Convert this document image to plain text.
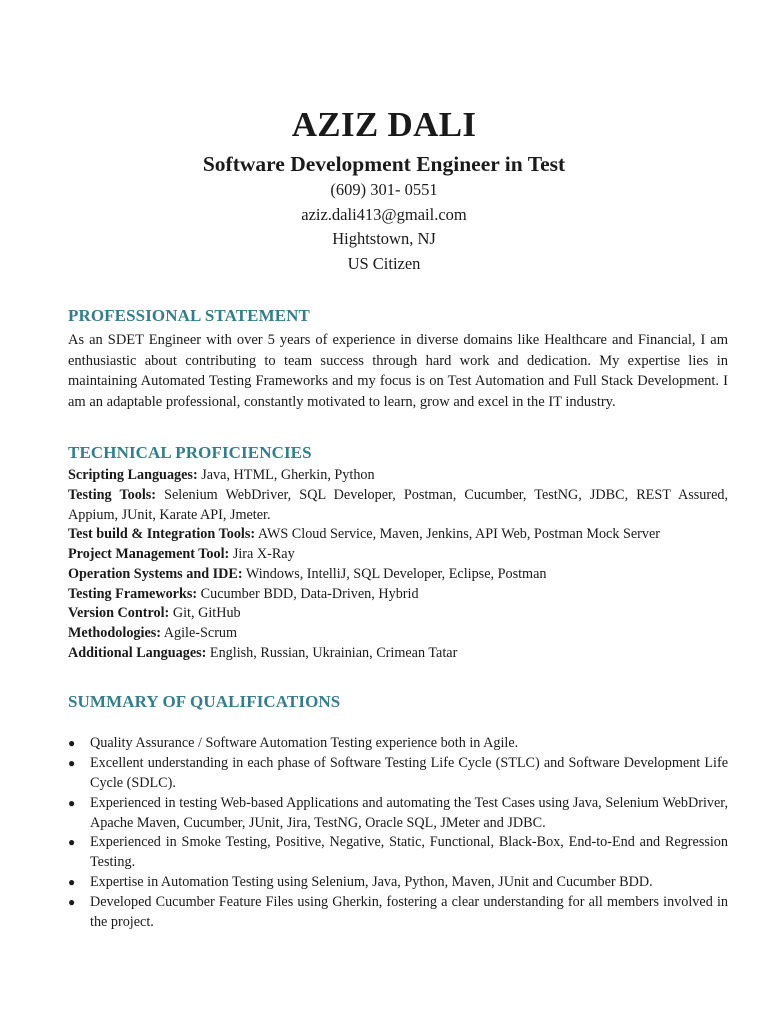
AZIZ DALI
Software Development Engineer in Test
(609) 301- 0551
aziz.dali413@gmail.com
Hightstown, NJ
US Citizen
PROFESSIONAL STATEMENT

As an SDET Engineer with over 5 years of experience in diverse domains like Healthcare and Financial, I am enthusiastic about contributing to team success through hard work and dedication. My expertise lies in maintaining Automated Testing Frameworks and my focus is on Test Automation and Full Stack Development. I am an adaptable professional, constantly motivated to learn, grow and excel in the IT industry.

TECHNICAL PROFICIENCIES
Scripting Languages: Java, HTML, Gherkin, Python
Testing Tools: Selenium WebDriver, SQL Developer, Postman, Cucumber, TestNG, JDBC, REST Assured, Appium, JUnit, Karate API, Jmeter.
Test build & Integration Tools: AWS Cloud Service, Maven, Jenkins, API Web, Postman Mock Server
Project Management Tool: Jira X-Ray
Operation Systems and IDE: Windows, IntelliJ, SQL Developer, Eclipse, Postman
Testing Frameworks: Cucumber BDD, Data-Driven, Hybrid
Version Control: Git, GitHub
Methodologies: Agile-Scrum
Additional Languages: English, Russian, Ukrainian, Crimean Tatar
SUMMARY OF QUALIFICATIONS
● Quality Assurance / Software Automation Testing experience both in Agile.
● Excellent understanding in each phase of Software Testing Life Cycle (STLC) and Software Development Life Cycle (SDLC).
● Experienced in testing Web-based Applications and automating the Test Cases using Java, Selenium WebDriver, Apache Maven, Cucumber, JUnit, Jira, TestNG, Oracle SQL, JMeter and JDBC.
● Experienced in Smoke Testing, Positive, Negative, Static, Functional, Black-Box, End-to-End and Regression Testing.
● Expertise in Automation Testing using Selenium, Java, Python, Maven, JUnit and Cucumber BDD.
● Developed Cucumber Feature Files using Gherkin, fostering a clear understanding for all members involved in the project.
